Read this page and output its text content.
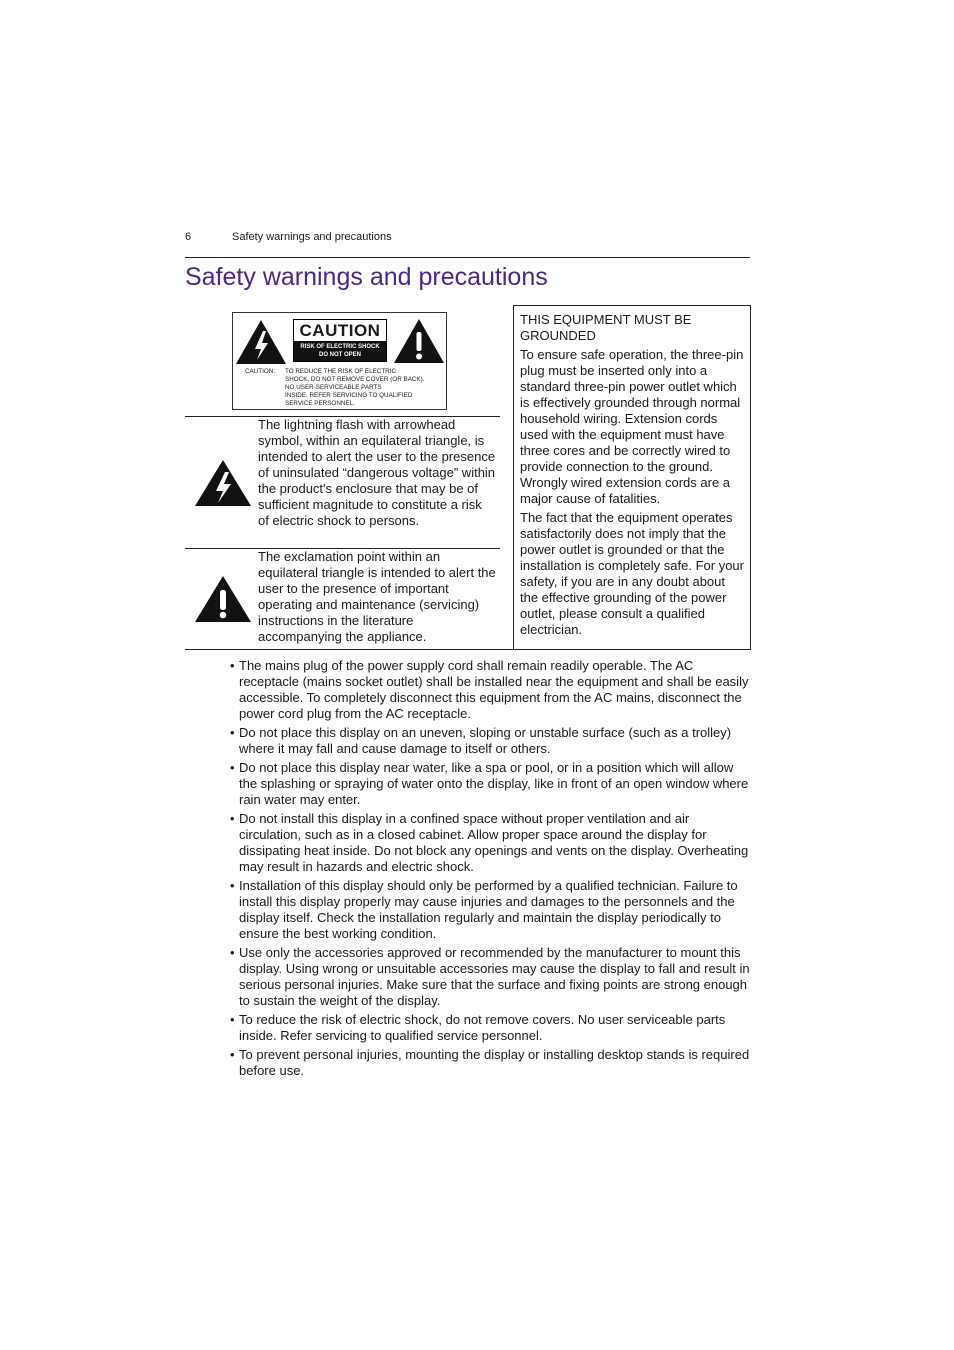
6	Safety warnings and precautions
Safety warnings and precautions
CAUTION
RISK OF ELECTRIC SHOCK
DO NOT OPEN
CAUTION: TO REDUCE THE RISK OF ELECTRIC
SHOCK, DO NOT REMOVE COVER (OR BACK).
NO USER-SERVICEABLE PARTS
INSIDE. REFER SERVICING TO QUALIFIED
SERVICE PERSONNEL.
The lightning flash with arrowhead symbol, within an equilateral triangle, is intended to alert the user to the presence of uninsulated “dangerous voltage” within the product's enclosure that may be of sufficient magnitude to constitute a risk of electric shock to persons.
The exclamation point within an equilateral triangle is intended to alert the user to the presence of important operating and maintenance (servicing) instructions in the literature accompanying the appliance.

THIS EQUIPMENT MUST BE GROUNDED

To ensure safe operation, the three-pin plug must be inserted only into a standard three-pin power outlet which is effectively grounded through normal household wiring. Extension cords used with the equipment must have three cores and be correctly wired to provide connection to the ground. Wrongly wired extension cords are a major cause of fatalities.

The fact that the equipment operates satisfactorily does not imply that the power outlet is grounded or that the installation is completely safe. For your safety, if you are in any doubt about the effective grounding of the power outlet, please consult a qualified electrician.

• The mains plug of the power supply cord shall remain readily operable. The AC receptacle (mains socket outlet) shall be installed near the equipment and shall be easily accessible. To completely disconnect this equipment from the AC mains, disconnect the power cord plug from the AC receptacle.
• Do not place this display on an uneven, sloping or unstable surface (such as a trolley) where it may fall and cause damage to itself or others.
• Do not place this display near water, like a spa or pool, or in a position which will allow the splashing or spraying of water onto the display, like in front of an open window where rain water may enter.
• Do not install this display in a confined space without proper ventilation and air circulation, such as in a closed cabinet. Allow proper space around the display for dissipating heat inside. Do not block any openings and vents on the display. Overheating may result in hazards and electric shock.
• Installation of this display should only be performed by a qualified technician. Failure to install this display properly may cause injuries and damages to the personnels and the display itself. Check the installation regularly and maintain the display periodically to ensure the best working condition.
• Use only the accessories approved or recommended by the manufacturer to mount this display. Using wrong or unsuitable accessories may cause the display to fall and result in serious personal injuries. Make sure that the surface and fixing points are strong enough to sustain the weight of the display.
• To reduce the risk of electric shock, do not remove covers. No user serviceable parts inside. Refer servicing to qualified service personnel.
• To prevent personal injuries, mounting the display or installing desktop stands is required before use.
